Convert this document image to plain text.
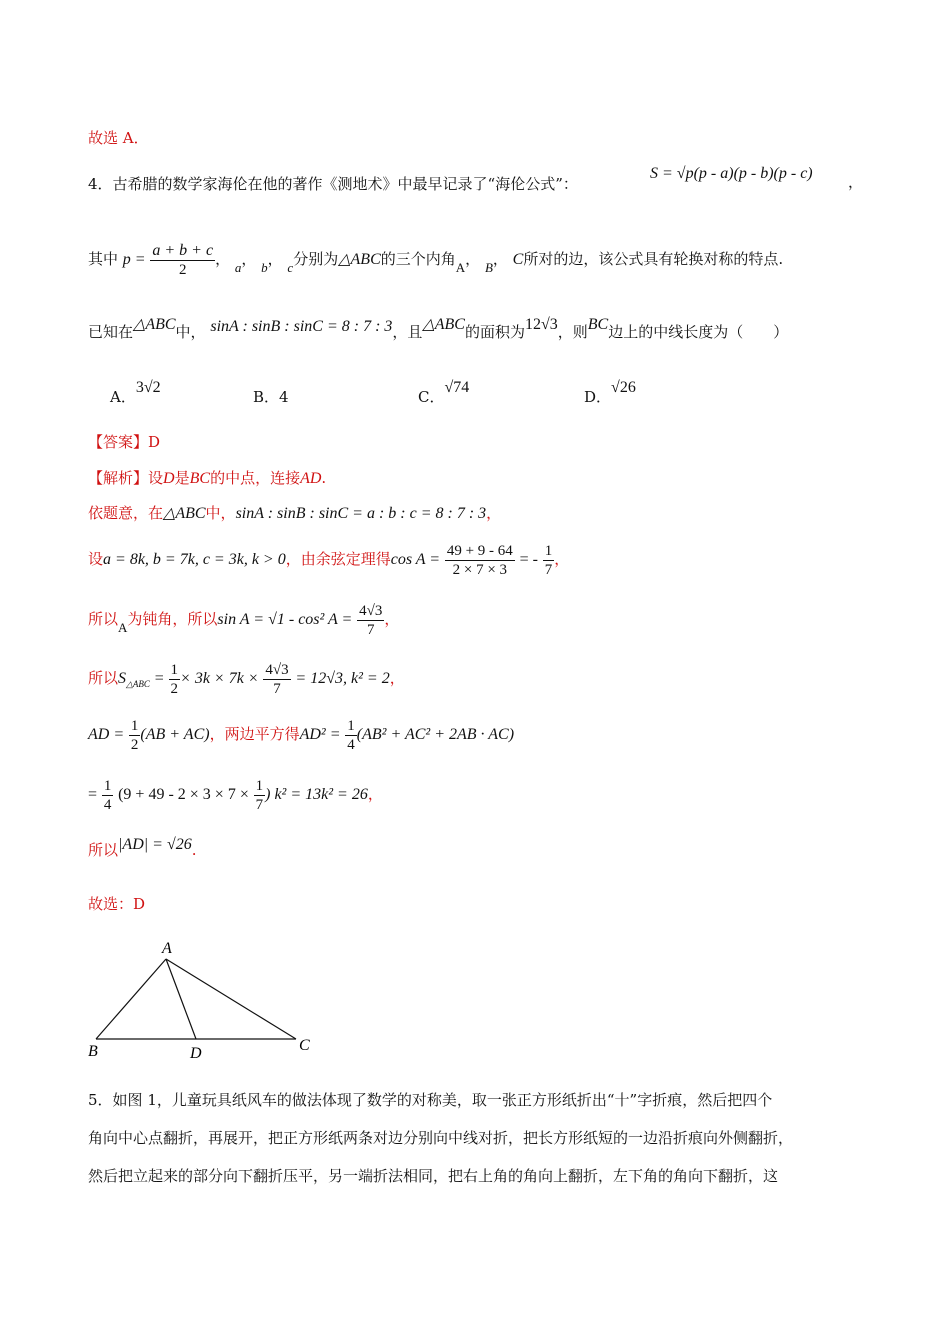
故选 A．
4．古希腊的数学家海伦在他的著作《测地术》中最早记录了“海伦公式”：
S = √p(p - a)(p - b)(p - c) ，
其中 $p = \frac{a + b + c}{2}$ ， a， b， c分别为△ABC的三个内角A， B， C所对的边，该公式具有轮换对称的特点.
已知在△ABC中， sinA : sinB : sinC = 8 : 7 : 3，且△ABC的面积为12√3，则BC边上的中线长度为（　　）
A．3√2
B．4	C．√74
D．√26
【答案】D
【解析】设D是BC的中点，连接AD.
依题意，在△ABC中，sinA : sinB : sinC = a : b : c = 8 : 7 : 3，
设a = 8k, b = 7k, c = 3k, k > 0，由余弦定理得$\cos A = \frac{49 + 9 - 64}{2 \times 7 \times 3}$ = - $\frac{1}{7}$ ，
所以A为钝角，所以sin A = √1 - cos² $A = \frac{4√3}{7}$ ，
所以$S_{\triangle ABC} = \frac{1}{2} \times 3k \times 7k \times \frac{4√3}{7} = 12√3$, k² = 2，
AD = $\frac{1}{2} (AB + AC)$，两边平方得$AD^2 = \frac{1}{4} (AB^2 + AC^2 + 2AB \cdot AC)$
= $\frac{1}{4} (9 + 49 - 2 \times 3 \times 7 \times \frac{1}{7}$ ) k² = 13k² = 26，
所以|AD| = √26.
故选：D
A
B	D	C
5．如图 1，儿童玩具纸风车的做法体现了数学的对称美，取一张正方形纸折出“十”字折痕，然后把四个
角向中心点翻折，再展开，把正方形纸两条对边分别向中线对折，把长方形纸短的一边沿折痕向外侧翻折，
然后把立起来的部分向下翻折压平，另一端折法相同，把右上角的角向上翻折，左下角的角向下翻折，这
